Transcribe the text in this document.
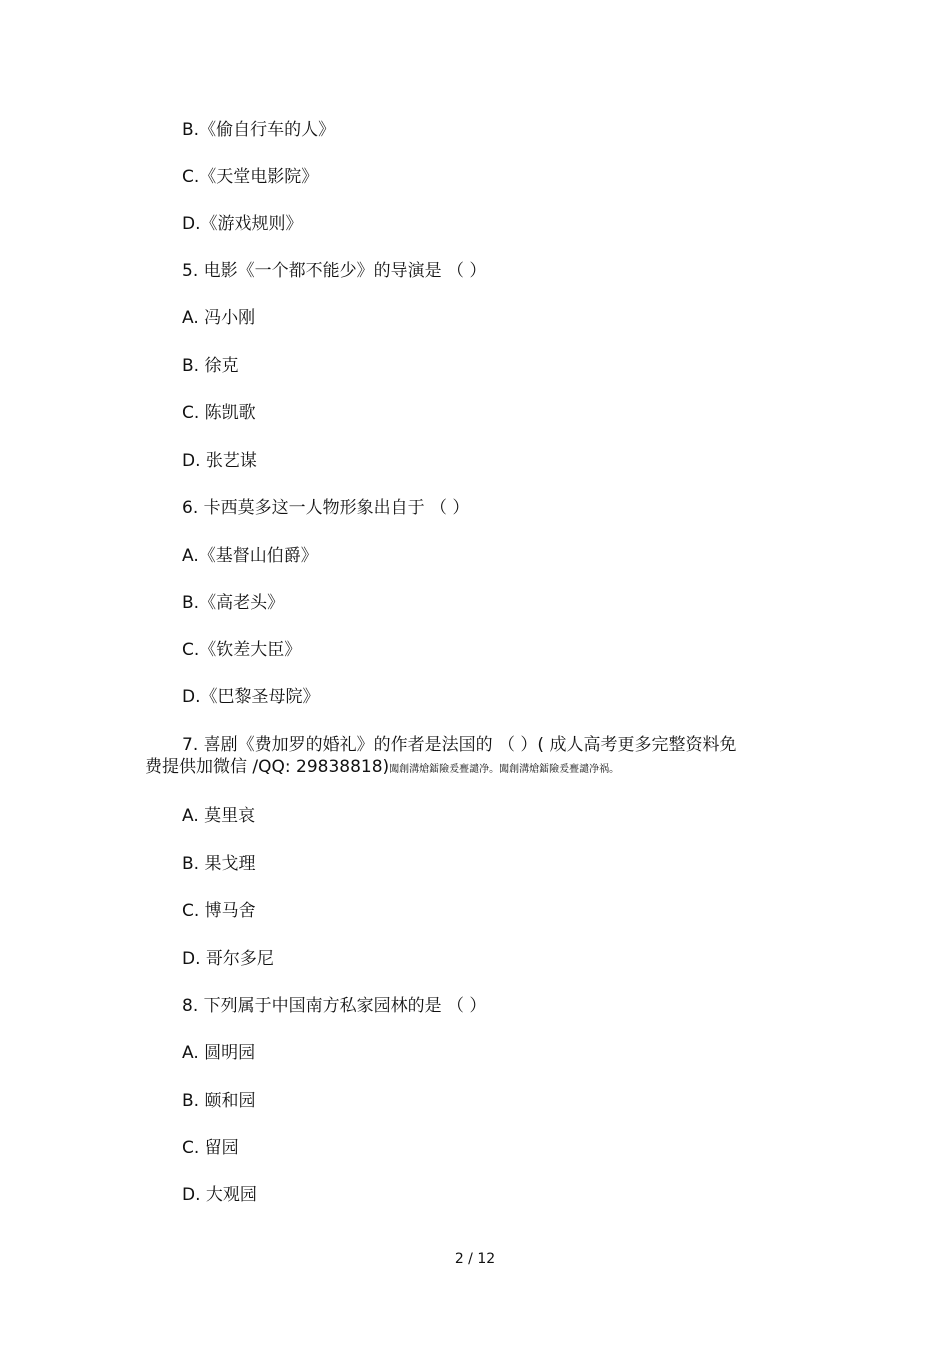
B.《偷自行车的人》
C.《天堂电影院》
D.《游戏规则》
5. 电影《一个都不能少》的导演是 （ ）
A. 冯小刚
B. 徐克
C. 陈凯歌
D. 张艺谋
6. 卡西莫多这一人物形象出自于 （ ）
A.《基督山伯爵》
B.《高老头》
C.《钦差大臣》
D.《巴黎圣母院》
7. 喜剧《费加罗的婚礼》的作者是法国的 （ ）( 成人高考更多完整资料免
费提供加微信 /QQ: 29838818)闖創溝熗鐳險爰亹譴净。闖創溝熗鐳險爰亹譴净祸。
A. 莫里哀
B. 果戈理
C. 博马舍
D. 哥尔多尼
8. 下列属于中国南方私家园林的是 （ ）
A. 圆明园
B. 颐和园
C. 留园
D. 大观园
2 / 12
